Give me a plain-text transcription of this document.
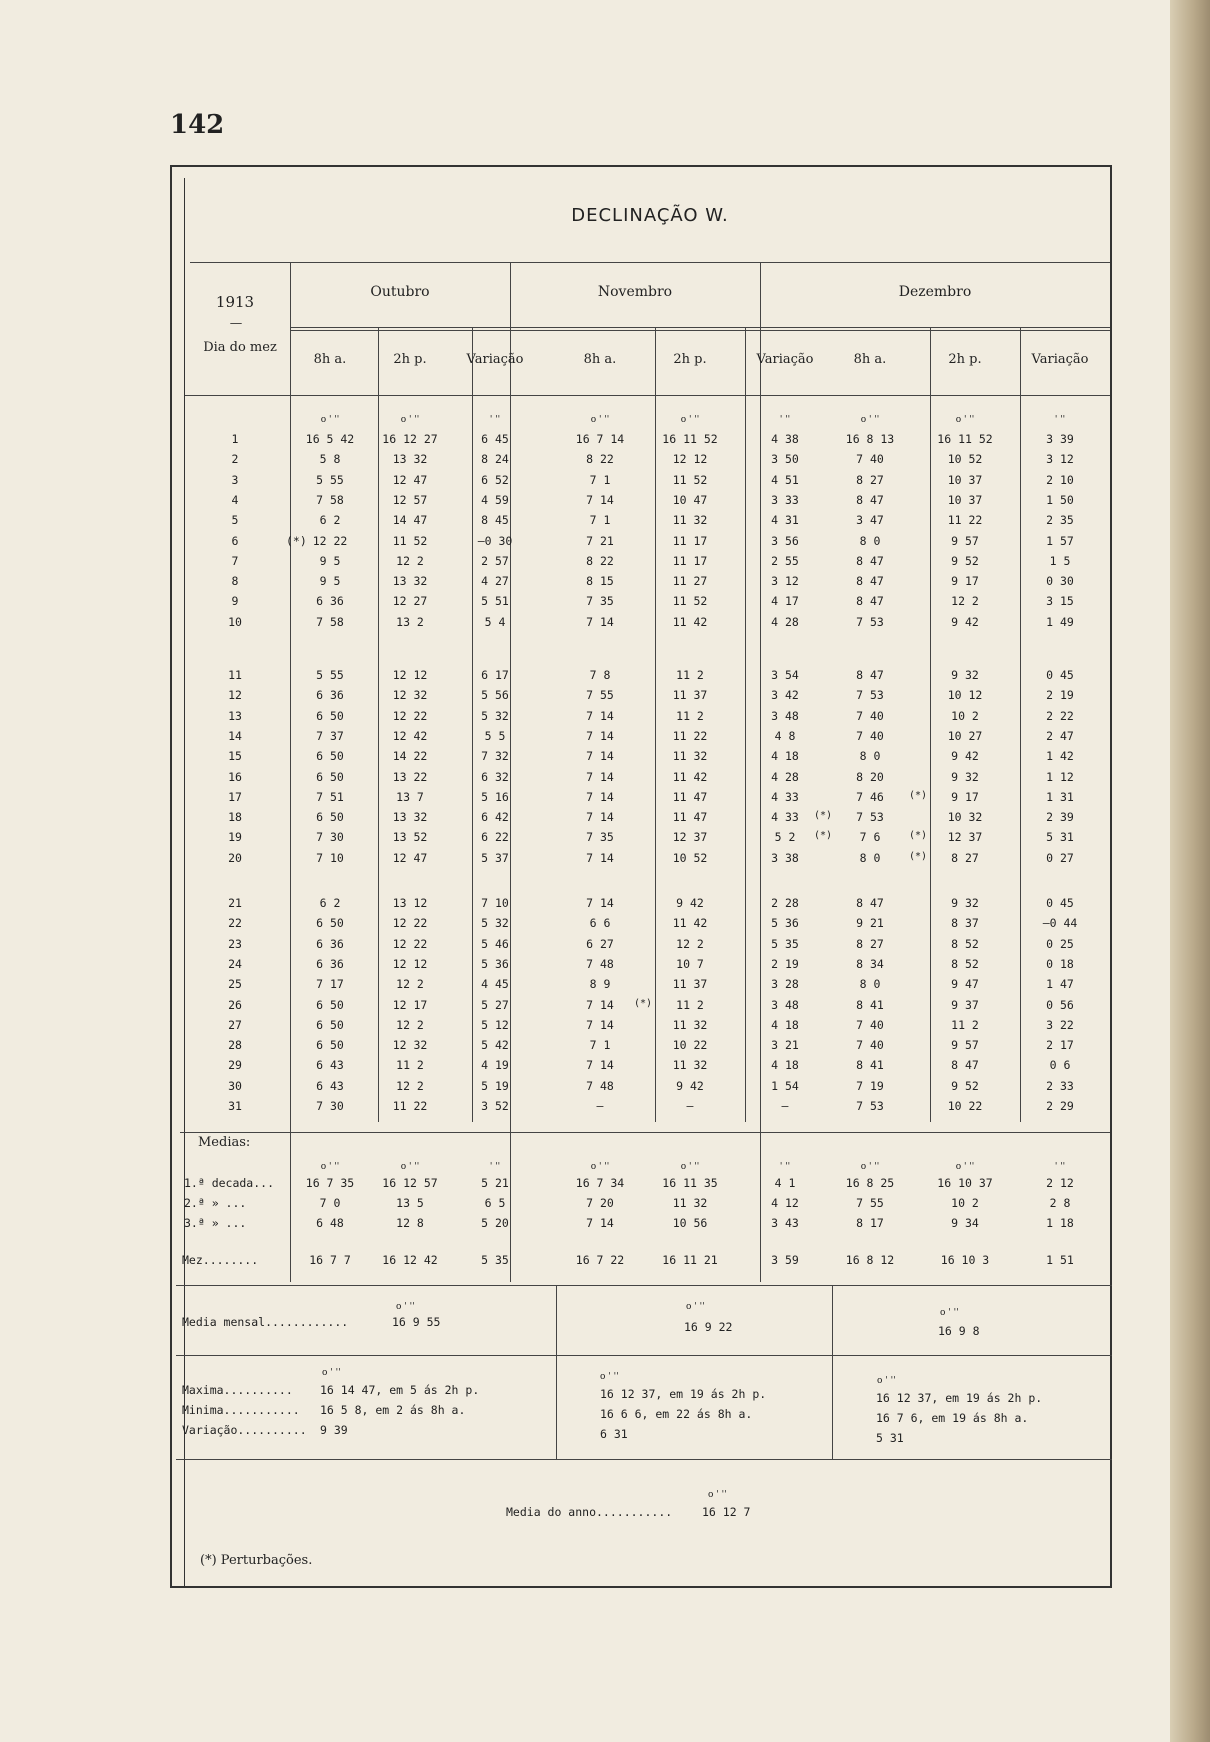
142
DECLINAÇÃO W.
1913
—
Dia do mez
Outubro
8h a.	2h p.	Variação
Novembro
8h a.	2h p.	Variação
Dezembro
8h a.	2h p.	Variação
o ' ''	o ' ''	' ''	o ' ''	o ' ''	' ''	o ' ''	o ' ''	' ''
1	16 5 42	16 12 27	6 45	16 7 14	16 11 52	4 38	16 8 13	16 11 52	3 39
2	5 8	13 32	8 24	8 22	12 12	3 50	7 40	10 52	3 12
3	5 55	12 47	6 52	7 1	11 52	4 51	8 27	10 37	2 10
4	7 58	12 57	4 59	7 14	10 47	3 33	8 47	10 37	1 50
5	6 2	14 47	8 45	7 1	11 32	4 31	3 47	11 22	2 35
6	(*) 12 22	11 52	—0 30	7 21	11 17	3 56	8 0	9 57	1 57
7	9 5	12 2	2 57	8 22	11 17	2 55	8 47	9 52	1 5
8	9 5	13 32	4 27	8 15	11 27	3 12	8 47	9 17	0 30
9	6 36	12 27	5 51	7 35	11 52	4 17	8 47	12 2	3 15
10	7 58	13 2	5 4	7 14	11 42	4 28	7 53	9 42	1 49
11	5 55	12 12	6 17	7 8	11 2	3 54	8 47	9 32	0 45
12	6 36	12 32	5 56	7 55	11 37	3 42	7 53	10 12	2 19
13	6 50	12 22	5 32	7 14	11 2	3 48	7 40	10 2	2 22
14	7 37	12 42	5 5	7 14	11 22	4 8	7 40	10 27	2 47
15	6 50	14 22	7 32	7 14	11 32	4 18	8 0	9 42	1 42
16	6 50	13 22	6 32	7 14	11 42	4 28	8 20	9 32	1 12
17	7 51	13 7	5 16	7 14	11 47	4 33	7 46	9 17	1 31
(*)
18	6 50	13 32	6 42	7 14	11 47	4 33	7 53	10 32	2 39
(*)
19	7 30	13 52	6 22	7 35	12 37	5 2	7 6	12 37	5 31
(*)	(*)
20	7 10	12 47	5 37	7 14	10 52	3 38	8 0	8 27	0 27
(*)
21	6 2	13 12	7 10	7 14	9 42	2 28	8 47	9 32	0 45
22	6 50	12 22	5 32	6 6	11 42	5 36	9 21	8 37	—0 44
23	6 36	12 22	5 46	6 27	12 2	5 35	8 27	8 52	0 25
24	6 36	12 12	5 36	7 48	10 7	2 19	8 34	8 52	0 18
25	7 17	12 2	4 45	8 9	11 37	3 28	8 0	9 47	1 47
26	6 50	12 17	5 27	7 14	11 2	3 48	8 41	9 37	0 56
(*)
27	6 50	12 2	5 12	7 14	11 32	4 18	7 40	11 2	3 22
28	6 50	12 32	5 42	7 1	10 22	3 21	7 40	9 57	2 17
29	6 43	11 2	4 19	7 14	11 32	4 18	8 41	8 47	0 6
30	6 43	12 2	5 19	7 48	9 42	1 54	7 19	9 52	2 33
31	7 30	11 22	3 52	—	—	—	7 53	10 22	2 29
Medias:
o ' ''	o ' ''	' ''	o ' ''	o ' ''	' ''	o ' ''	o ' ''	' ''
1.ª decada...	16 7 35	16 12 57	5 21	16 7 34	16 11 35	4 1	16 8 25	16 10 37	2 12
2.ª » ...	7 0	13 5	6 5	7 20	11 32	4 12	7 55	10 2	2 8
3.ª » ...	6 48	12 8	5 20	7 14	10 56	3 43	8 17	9 34	1 18
Mez........	16 7 7	16 12 42	5 35	16 7 22	16 11 21	3 59	16 8 12	16 10 3	1 51
o ' ''	o ' ''
o ' ''
Media mensal............	16 9 55	16 9 22	16 9 8
o ' ''	o ' ''	o ' ''
Maxima.......... 16 14 47, em 5 ás 2h p.	16 12 37, em 19 ás 2h p.	16 12 37, em 19 ás 2h p.
Minima........... 16 5 8, em 2 ás 8h a.	16 6 6, em 22 ás 8h a.	16 7 6, em 19 ás 8h a.
Variação.......... 9 39	6 31	5 31
o ' ''
Media do anno...........	16 12 7
(*) Perturbações.
